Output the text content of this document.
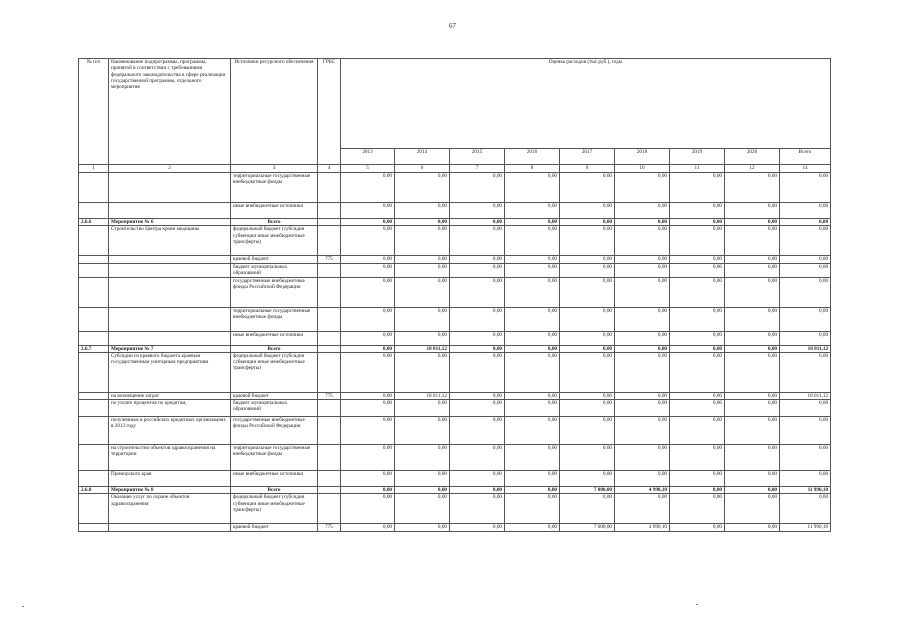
67
№ п/п	Наименование подпрограммы, программы, принятой в соответствии с требованиями федерального законодательства в сфере реализации государственной программы, отдельного мероприятия	Источники ресурсного обеспечения	ГРБС	Оценка расходов (тыс.руб.), годы								
				2013	2014	2015	2016	2017	2018	2019	2020	Всего
1	2	3	4	5	6	7	8	9	10	11	12	14
		территориальные государственные внебюджетные фонды		0,00	0,00	0,00	0,00	0,00	0,00	0,00	0,00	0,00
		иные внебюджетные источники		0,00	0,00	0,00	0,00	0,00	0,00	0,00	0,00	0,00
2.6.6	Мероприятие № 6	Всего		0,00	0,00	0,00	0,00	0,00	0,00	0,00	0,00	0,00
	Строительство Центра крови медицины	федеральный бюджет (субсидии субвенции иные межбюджетные трансферты)		0,00	0,00	0,00	0,00	0,00	0,00	0,00	0,00	0,00
		краевой бюджет	775	0,00	0,00	0,00	0,00	0,00	0,00	0,00	0,00	0,00
		бюджет муниципальных образований		0,00	0,00	0,00	0,00	0,00	0,00	0,00	0,00	0,00
		государственные внебюджетные фонды Российской Федерации		0,00	0,00	0,00	0,00	0,00	0,00	0,00	0,00	0,00
		территориальные государственные внебюджетные фонды		0,00	0,00	0,00	0,00	0,00	0,00	0,00	0,00	0,00
		иные внебюджетные источники		0,00	0,00	0,00	0,00	0,00	0,00	0,00	0,00	0,00
2.6.7	Мероприятие № 7	Всего		0,00	18 011,12	0,00	0,00	0,00	0,00	0,00	0,00	18 011,12
	Субсидии из краевого бюджета краевым государственным унитарным предприятиям	федеральный бюджет (субсидии субвенции иные межбюджетные трансферты)		0,00	0,00	0,00	0,00	0,00	0,00	0,00	0,00	0,00
	на возмещение затрат	краевой бюджет	775	0,00	18 011,12	0,00	0,00	0,00	0,00	0,00	0,00	18 011,12
	по уплате процентов по кредитам,	бюджет муниципальных образований		0,00	0,00	0,00	0,00	0,00	0,00	0,00	0,00	0,00
	полученным в российских кредитных организациях в 2013 году	государственные внебюджетные фонды Российской Федерации		0,00	0,00	0,00	0,00	0,00	0,00	0,00	0,00	0,00
	на строительство объектов здравоохранения на территории	территориальные государственные внебюджетные фонды		0,00	0,00	0,00	0,00	0,00	0,00	0,00	0,00	0,00
	Приморского края	иные внебюджетные источники		0,00	0,00	0,00	0,00	0,00	0,00	0,00	0,00	0,00
2.6.8	Мероприятие № 8	Всего		0,00	0,00	0,00	0,00	7 000,00	4 990,10	0,00	0,00	11 990,10
	Оказание услуг по охране объектов здравоохранения	федеральный бюджет (субсидии субвенции иные межбюджетные трансферты)		0,00	0,00	0,00	0,00	0,00	0,00	0,00	0,00	0,00
		краевой бюджет	775	0,00	0,00	0,00	0,00	7 000,00	4 990,10	0,00	0,00	11 990,10
